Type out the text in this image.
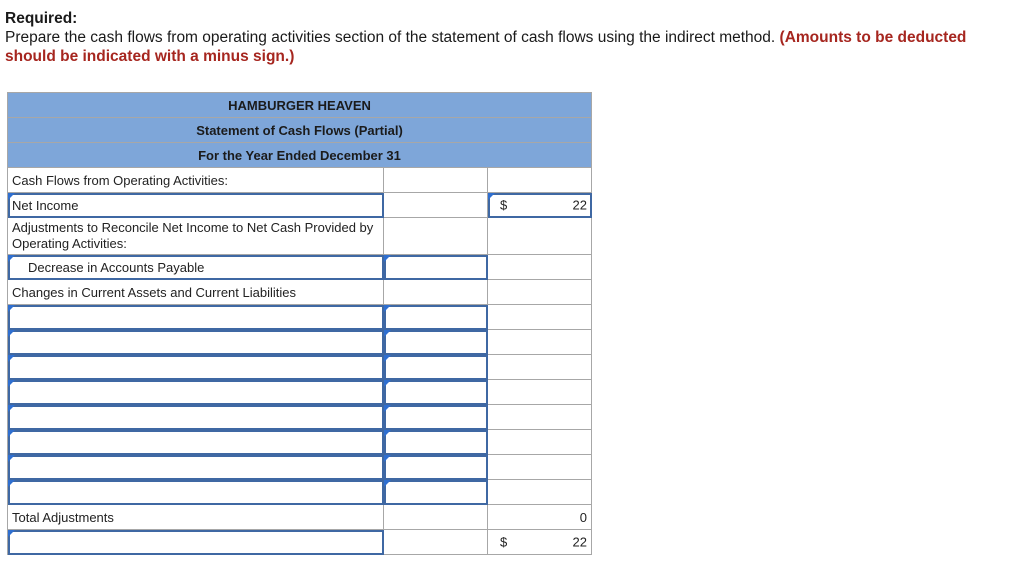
Required:
Prepare the cash flows from operating activities section of the statement of cash flows using the indirect method. (Amounts to be deducted should be indicated with a minus sign.)
HAMBURGER HEAVEN		
Statement of Cash Flows (Partial)		
For the Year Ended December 31		
Cash Flows from Operating Activities:		

Net Income		$ 22

Adjustments to Reconcile Net Income to Net Cash Provided by Operating Activities:		

Decrease in Accounts Payable	

Changes in Current Assets and Current Liabilities		

Total Adjustments		0

		$ 22
